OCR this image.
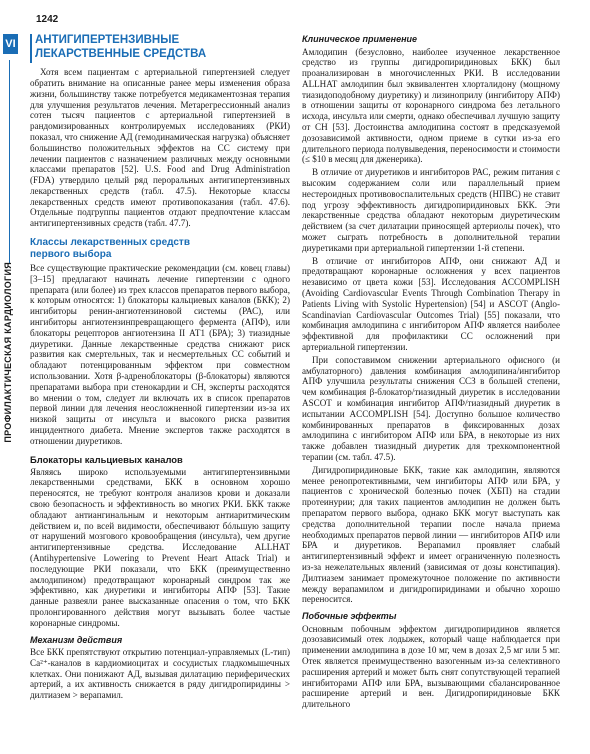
1242
VI
ПРОФИЛАКТИЧЕСКАЯ КАРДИОЛОГИЯ
АНТИГИПЕРТЕНЗИВНЫЕ
ЛЕКАРСТВЕННЫЕ СРЕДСТВА

Хотя всем пациентам с артериальной гипертензией следует обратить внимание на описанные ранее меры изменения образа жизни, большинству также потребуется медикаментозная терапия для улучшения результатов лечения. Метарегрессионный анализ сотен тысяч пациентов с артериальной гипертензией в рандомизированных контролируемых исследованиях (РКИ) показал, что снижение АД (гемодинамическая нагрузка) объясняет большинство положительных эффектов на СС систему при лечении пациентов с назначением различных между основными классами препаратов [52]. U.S. Food and Drug Administration (FDA) утвердило целый ряд пероральных антигипертензивных лекарственных средств (табл. 47.5). Некоторые классы лекарственных средств имеют противопоказания (табл. 47.6). Отдельные подгруппы пациентов отдают предпочтение классам антигипертензивных средств (табл. 47.7).

Классы лекарственных средств
первого выбора

Все существующие практические рекомендации (см. ковец главы) [3–15] предлагают начинать лечение гипертензии с одного препарата (или более) из трех классов препаратов первого выбора, к которым относятся: 1) блокаторы кальциевых каналов (БКК); 2) ингибиторы ренин-ангиотензиновой системы (РАС), или ингибиторы ангиотензинпревращающего фермента (АПФ), или блокаторы рецепторов ангиотензина II АТ1 (БРА); 3) тиазидные диуретики. Данные лекарственные средства снижают риск развития как смертельных, так и несмертельных СС событий и обладают потенцированным эффектом при совместном использовании. Хотя β-адреноблокаторы (β-блокаторы) являются препаратами выбора при стенокардии и СН, эксперты расходятся во мнении о том, следует ли включать их в список препаратов первой линии для лечения неосложненной гипертензии из-за их низкой защиты от инсульта и высокого риска развития инцидентного диабета. Мнение экспертов также расходятся в отношении диуретиков.

Блокаторы кальциевых каналов

Являясь широко используемыми антигипертензивными лекарственными средствами, БКК в основном хорошо переносятся, не требуют контроля анализов крови и доказали свою безопасность и эффективность во многих РКИ. БКК также обладают антиангинальным и некоторым антиаритмическим действием и, по всей видимости, обеспечивают бóльшую защиту от нарушений мозгового кровообращения (инсульта), чем другие антигипертензивные средства. Исследование ALLHAT (Antihypertensive Lowering to Prevent Heart Attack Trial) и последующие РКИ показали, что БКК (преимущественно амлодипином) предотвращают коронарный синдром так же эффективно, как диуретики и ингибиторы АПФ [53]. Такие данные развеяли ранее высказанные опасения о том, что БКК пролонгированного действия могут вызывать более частые коронарные синдромы.

Механизм действия

Все БКК препятствуют открытию потенциал-управляемых (L-тип) Ca²⁺-каналов в кардиомиоцитах и сосудистых гладкомышечных клетках. Они понижают АД, вызывая дилатацию периферических артерий, а их активность снижается в ряду дигидропиридины > дилтиазем > верапамил.

Клиническое применение

Амлодипин (безусловно, наиболее изученное лекарственное средство из группы дигидропиридиновых БКК) был проанализирован в многочисленных РКИ. В исследовании ALLHAT амлодипин был эквивалентен хлорталидону (мощному тиазидоподобному диуретику) и лизиноприлу (ингибитору АПФ) в отношении защиты от коронарного синдрома без летального исхода, инсульта или смерти, однако обеспечивал лучшую защиту от СН [53]. Достоинства амлодипина состоят в предсказуемой дозозависимой активности, одном приеме в сутки из-за его длительного периода полувыведения, переносимости и стоимости (≤ $10 в месяц для дженерика).

В отличие от диуретиков и ингибиторов РАС, режим питания с высоким содержанием соли или параллельный прием нестероидных противовоспалительных средств (НПВС) не ставит под угрозу эффективность дигидропиридиновых БКК. Эти лекарственные средства обладают некоторым диуретическим действием (за счет дилатации приносящей артериолы почек), что может сыграть потребность в дополнительной терапии диуретиками при артериальной гипертензии 1-й степени.

В отличие от ингибиторов АПФ, они снижают АД и предотвращают коронарные осложнения у всех пациентов независимо от цвета кожи [53]. Исследования ACCOMPLISH (Avoiding Cardiovascular Events Through Combination Therapy in Patients Living with Systolic Hypertension) [54] и ASCOT (Anglo-Scandinavian Cardiovascular Outcomes Trial) [55] показали, что комбинация амлодипина с ингибитором АПФ является наиболее эффективной для профилактики СС осложнений при артериальной гипертензии.

При сопоставимом снижении артериального офисного (и амбулаторного) давления комбинация амлодипина/ингибитор АПФ улучшила результаты снижения ССЗ в большей степени, чем комбинация β-блокатор/тиазидный диуретик в исследовании ASCOT и комбинация ингибитор АПФ/тиазидный диуретик в испытании ACCOMPLISH [54]. Доступно большое количество комбинированных препаратов в фиксированных дозах амлодипина с ингибитором АПФ или БРА, в некоторые из них также добавлен тиазидный диуретик для трехкомпонентной терапии (см. табл. 47.5).

Дигидропиридиновые БКК, такие как амлодипин, являются менее ренопротективными, чем ингибиторы АПФ или БРА, у пациентов с хронической болезнью почек (ХБП) на стадии протеинурии; для таких пациентов амлодипин не должен быть препаратом первого выбора, однако БКК могут выступать как средства дополнительной терапии после начала приема необходимых препаратов первой линии — ингибиторов АПФ или БРА и диуретиков. Верапамил проявляет слабый антигипертензивный эффект и имеет ограниченную полезность из-за нежелательных явлений (зависимая от дозы констипация). Дилтиазем занимает промежуточное положение по активности между верапамилом и дигидропиридинами и обычно хорошо переносится.

Побочные эффекты

Основным побочным эффектом дигидропиридинов является дозозависимый отек лодыжек, который чаще наблюдается при применении амлодипина в дозе 10 мг, чем в дозах 2,5 мг или 5 мг. Отек является преимущественно вазогенным из-за селективного расширения артерий и может быть снят сопутствующей терапией ингибиторами АПФ или БРА, вызывающими сбалансированное расширение артерий и вен. Дигидропиридиновые БКК длительного
